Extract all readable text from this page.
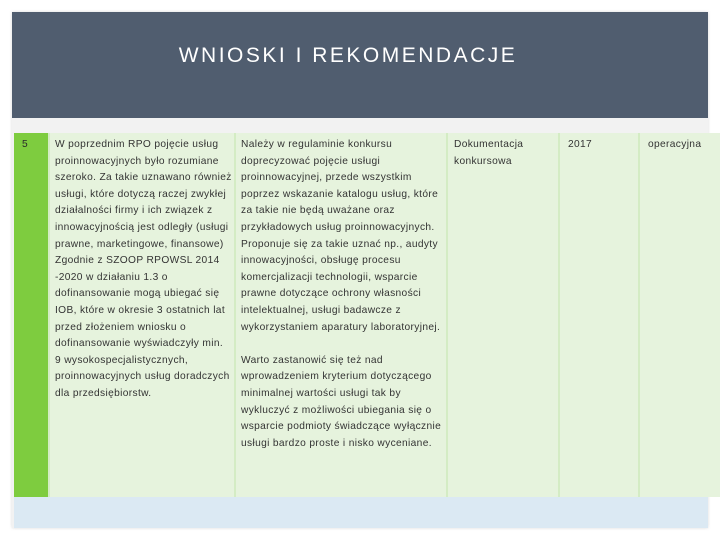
WNIOSKI I REKOMENDACJE
5	W poprzednim RPO pojęcie usług proinnowacyjnych było rozumiane szeroko. Za takie uznawano również usługi, które dotyczą raczej zwykłej działalności firmy i ich związek z innowacyjnością jest odległy (usługi prawne, marketingowe, finansowe) Zgodnie z SZOOP RPOWSL 2014 -2020 w działaniu 1.3 o dofinansowanie mogą ubiegać się IOB, które w okresie 3 ostatnich lat przed złożeniem wniosku o dofinansowanie wyświadczyły min. 9 wysokospecjalistycznych, proinnowacyjnych usług doradczych dla przedsiębiorstw.
Należy w regulaminie konkursu doprecyzować pojęcie usługi proinnowacyjnej, przede wszystkim poprzez wskazanie katalogu usług, które za takie nie będą uważane oraz przykładowych usług proinnowacyjnych. Proponuje się za takie uznać np., audyty innowacyjności, obsługę procesu komercjalizacji technologii, wsparcie prawne dotyczące ochrony własności intelektualnej, usługi badawcze z wykorzystaniem aparatury laboratoryjnej.
Warto zastanowić się też nad wprowadzeniem kryterium dotyczącego minimalnej wartości usługi tak by wykluczyć z możliwości ubiegania się o wsparcie podmioty świadczące wyłącznie usługi bardzo proste i nisko wyceniane.
Dokumentacja konkursowa
2017	operacyjna
